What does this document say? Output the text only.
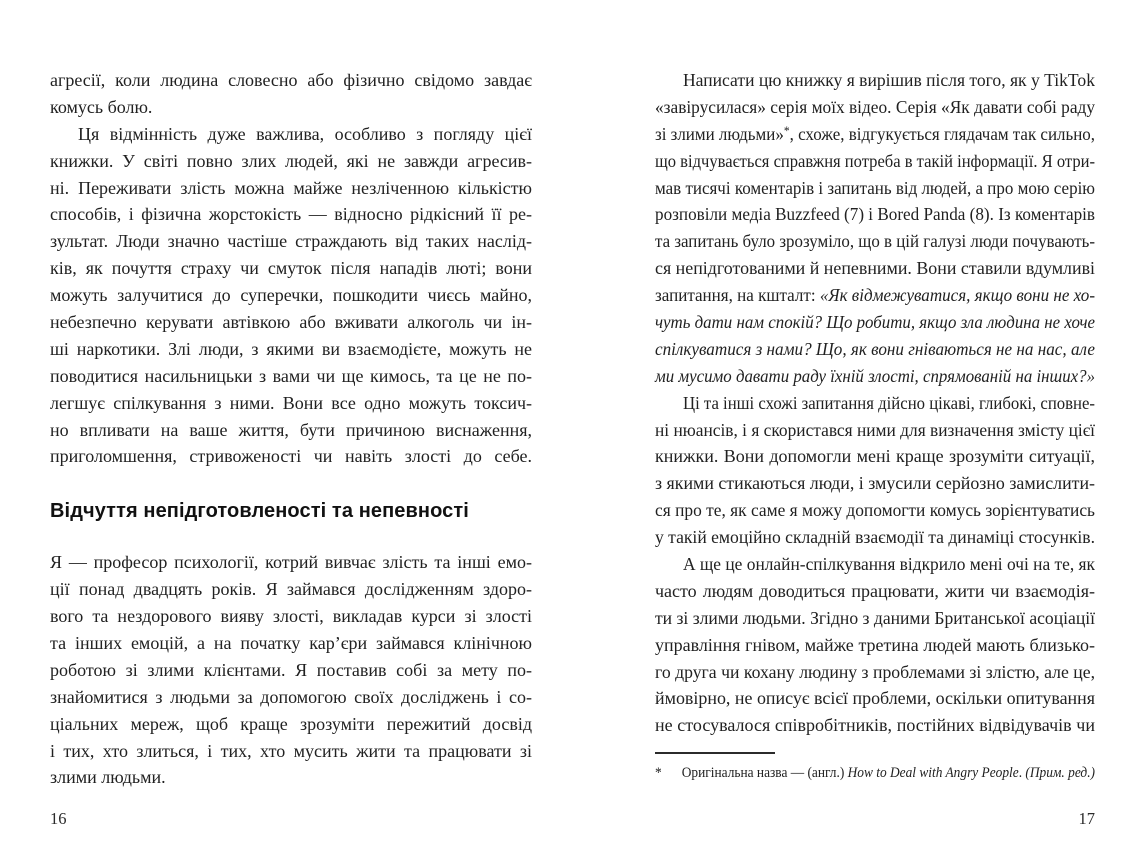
агресії, коли людина словесно або фізично свідомо завдає
комусь болю.
Ця відмінність дуже важлива, особливо з погляду цієї
книжки. У світі повно злих людей, які не завжди агресив-
ні. Переживати злість можна майже незліченною кількістю
способів, і фізична жорстокість — відносно рідкісний її ре-
зультат. Люди значно частіше страждають від таких наслід-
ків, як почуття страху чи смуток після нападів люті; вони
можуть залучитися до суперечки, пошкодити чиєсь майно,
небезпечно керувати автівкою або вживати алкоголь чи ін-
ші наркотики. Злі люди, з якими ви взаємодієте, можуть не
поводитися насильницьки з вами чи ще кимось, та це не по-
легшує спілкування з ними. Вони все одно можуть токсич-
но впливати на ваше життя, бути причиною виснаження,
приголомшення, стривоженості чи навіть злості до себе.
Відчуття непідготовленості та непевності
Я — професор психології, котрий вивчає злість та інші емо-
ції понад двадцять років. Я займався дослідженням здоро-
вого та нездорового вияву злості, викладав курси зі злості
та інших емоцій, а на початку кар’єри займався клінічною
роботою зі злими клієнтами. Я поставив собі за мету по-
знайомитися з людьми за допомогою своїх досліджень і со-
ціальних мереж, щоб краще зрозуміти пережитий досвід
і тих, хто злиться, і тих, хто мусить жити та працювати зі
злими людьми.
16
Написати цю книжку я вирішив після того, як у TikTok
«завірусилася» серія моїх відео. Серія «Як давати собі раду
зі злими людьми»*, схоже, відгукується глядачам так сильно,
що відчувається справжня потреба в такій інформації. Я отри-
мав тисячі коментарів і запитань від людей, а про мою серію
розповіли медіа Buzzfeed (7) і Bored Panda (8). Із коментарів
та запитань було зрозуміло, що в цій галузі люди почувають-
ся непідготованими й непевними. Вони ставили вдумливі
запитання, на кшталт: «Як відмежуватися, якщо вони не хо-
чуть дати нам спокій? Що робити, якщо зла людина не хоче
спілкуватися з нами? Що, як вони гніваються не на нас, але
ми мусимо давати раду їхній злості, спрямованій на інших?»
Ці та інші схожі запитання дійсно цікаві, глибокі, сповне-
ні нюансів, і я скористався ними для визначення змісту цієї
книжки. Вони допомогли мені краще зрозуміти ситуації,
з якими стикаються люди, і змусили серйозно замислити-
ся про те, як саме я можу допомогти комусь зорієнтуватись
у такій емоційно складній взаємодії та динаміці стосунків.
А ще це онлайн-спілкування відкрило мені очі на те, як
часто людям доводиться працювати, жити чи взаємодія-
ти зі злими людьми. Згідно з даними Британської асоціації
управління гнівом, майже третина людей мають близько-
го друга чи кохану людину з проблемами зі злістю, але це,
ймовірно, не описує всієї проблеми, оскільки опитування
не стосувалося співробітників, постійних відвідувачів чи
* Оригінальна назва — (англ.) How to Deal with Angry People. (Прим. ред.)
17
